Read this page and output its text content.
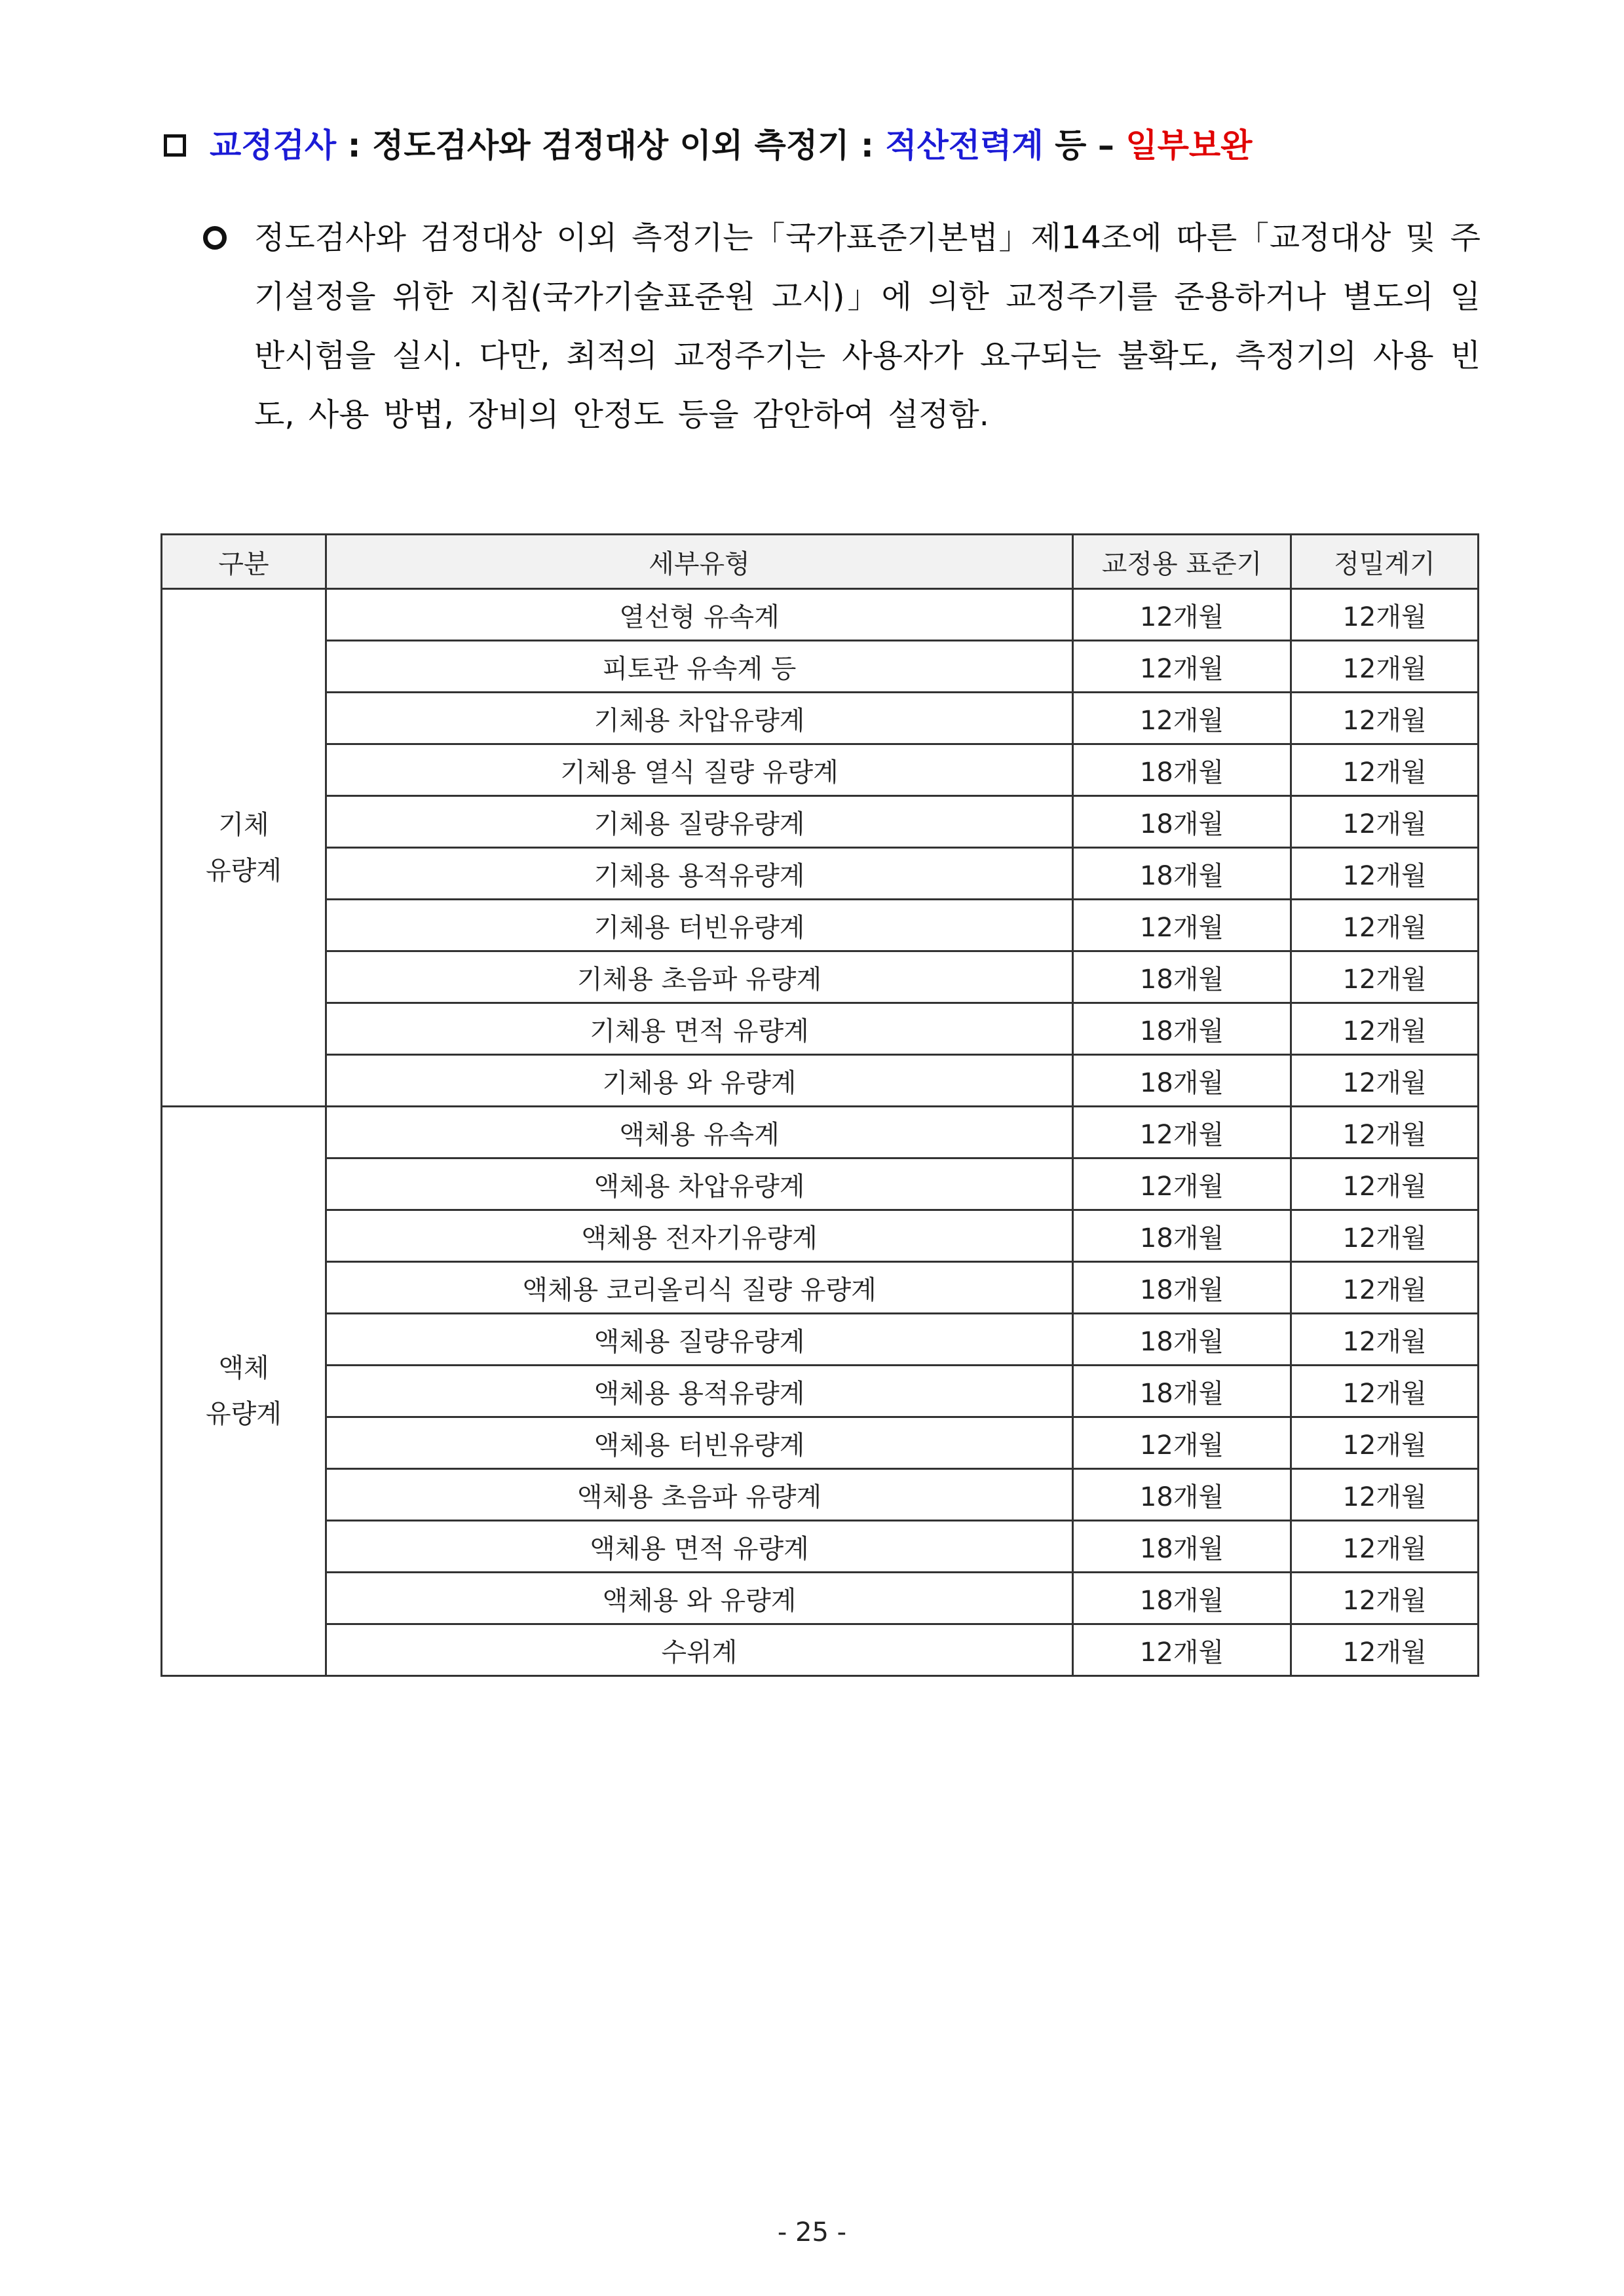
교정검사 : 정도검사와 검정대상 이외 측정기 : 적산전력계 등 – 일부보완
정도검사와 검정대상 이외 측정기는「국가표준기본법」제14조에 따른「교정대상 및 주기설정을 위한 지침(국가기술표준원 고시)」에 의한 교정주기를 준용하거나 별도의 일반시험을 실시. 다만, 최적의 교정주기는 사용자가 요구되는 불확도, 측정기의 사용 빈도, 사용 방법, 장비의 안정도 등을 감안하여 설정함.
구분	세부유형	교정용 표준기	정밀계기
기체
유량계	열선형 유속계	12개월	12개월
	피토관 유속계 등	12개월	12개월
	기체용 차압유량계	12개월	12개월
	기체용 열식 질량 유량계	18개월	12개월
	기체용 질량유량계	18개월	12개월
	기체용 용적유량계	18개월	12개월
	기체용 터빈유량계	12개월	12개월
	기체용 초음파 유량계	18개월	12개월
	기체용 면적 유량계	18개월	12개월
	기체용 와 유량계	18개월	12개월
액체
유량계	액체용 유속계	12개월	12개월
	액체용 차압유량계	12개월	12개월
	액체용 전자기유량계	18개월	12개월
	액체용 코리올리식 질량 유량계	18개월	12개월
	액체용 질량유량계	18개월	12개월
	액체용 용적유량계	18개월	12개월
	액체용 터빈유량계	12개월	12개월
	액체용 초음파 유량계	18개월	12개월
	액체용 면적 유량계	18개월	12개월
	액체용 와 유량계	18개월	12개월
	수위계	12개월	12개월
- 25 -
